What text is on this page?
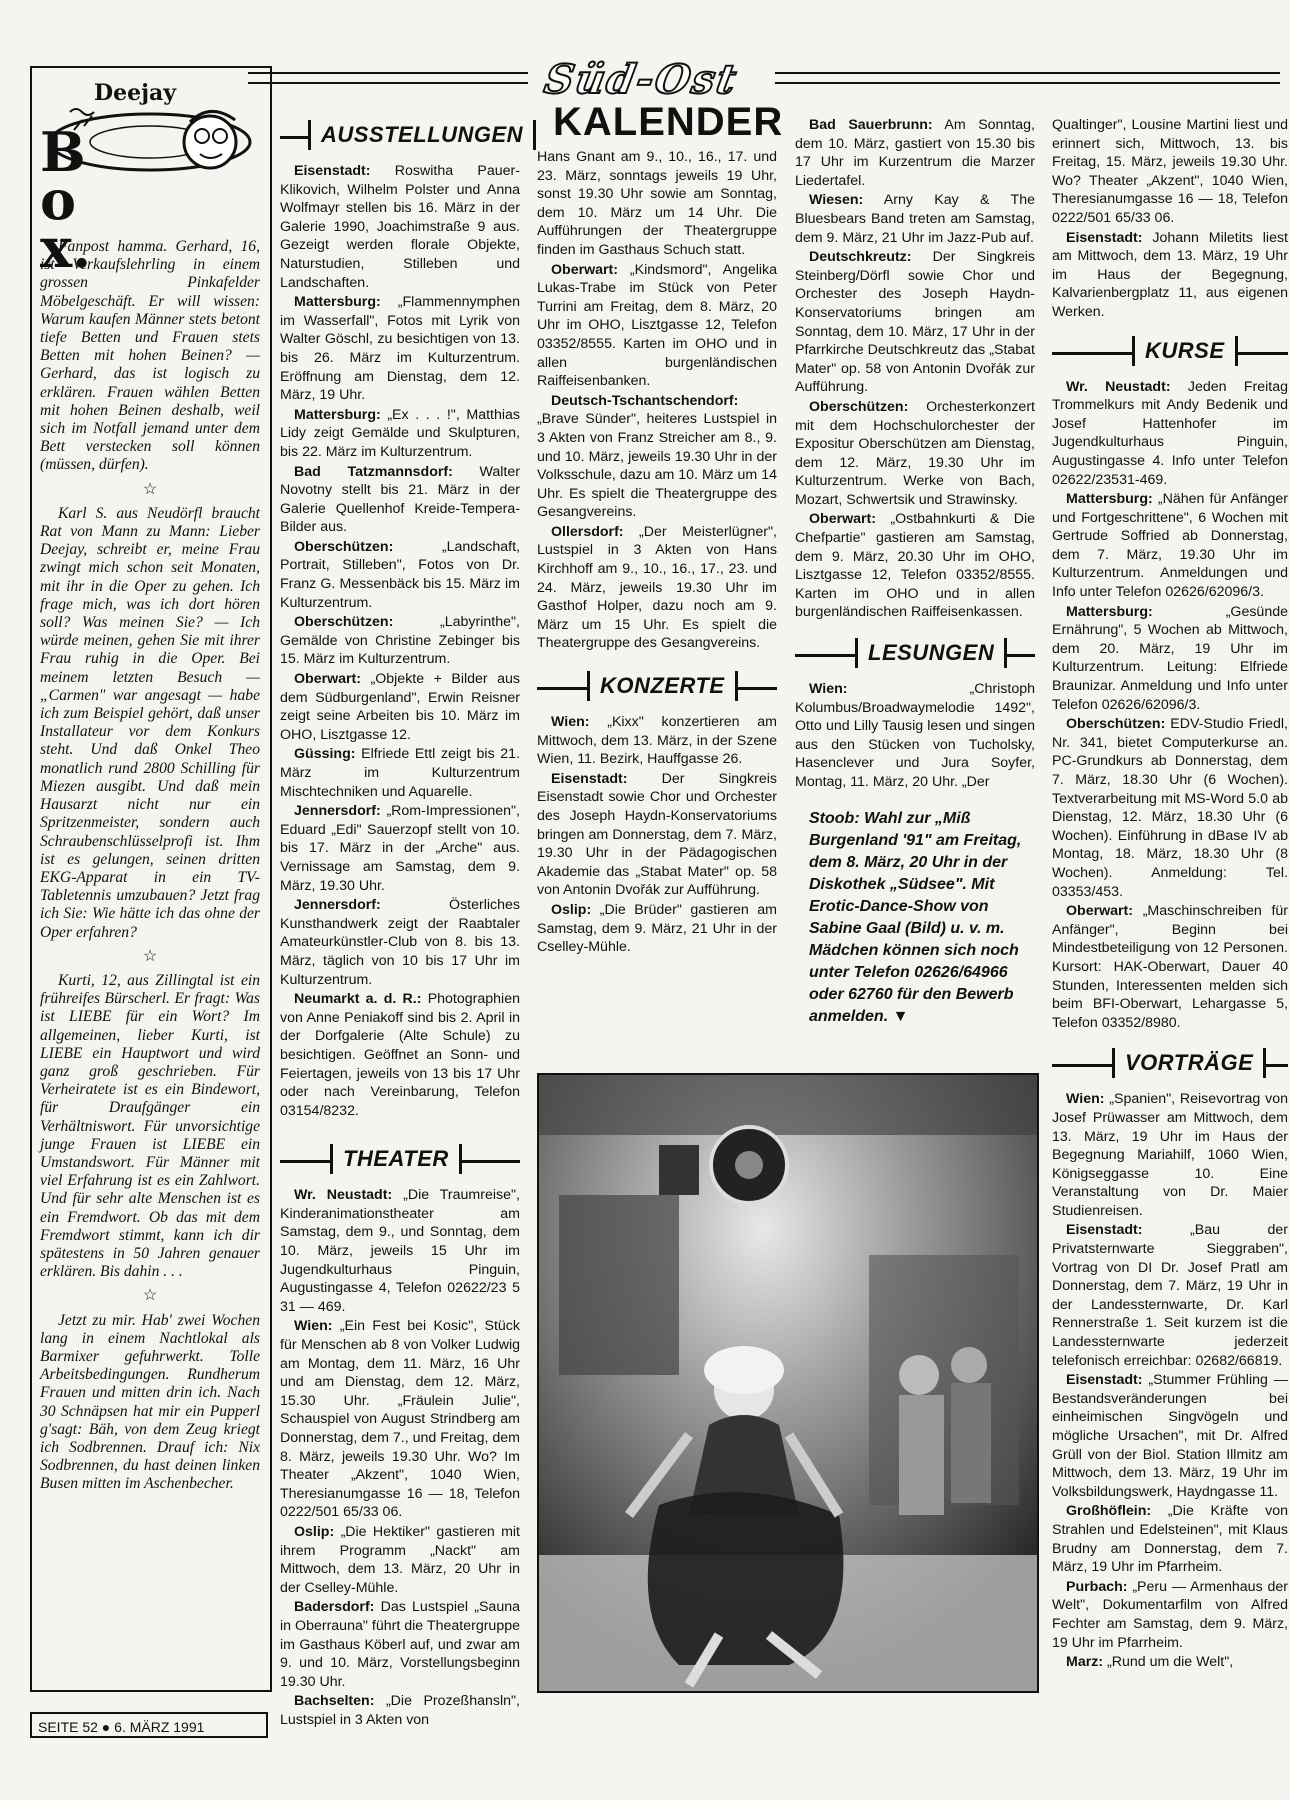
Süd-Ost
KALENDER
Deejay
Box.

Fanpost hamma. Gerhard, 16, ist Verkaufslehrling in einem grossen Pinkafelder Möbelgeschäft. Er will wissen: Warum kaufen Männer stets betont tiefe Betten und Frauen stets Betten mit hohen Beinen? — Gerhard, das ist logisch zu erklären. Frauen wählen Betten mit hohen Beinen deshalb, weil sich im Notfall jemand unter dem Bett verstecken soll können (müssen, dürfen).

☆

Karl S. aus Neudörfl braucht Rat von Mann zu Mann: Lieber Deejay, schreibt er, meine Frau zwingt mich schon seit Monaten, mit ihr in die Oper zu gehen. Ich frage mich, was ich dort hören soll? Was meinen Sie? — Ich würde meinen, gehen Sie mit ihrer Frau ruhig in die Oper. Bei meinem letzten Besuch — „Carmen" war angesagt — habe ich zum Beispiel gehört, daß unser Installateur vor dem Konkurs steht. Und daß Onkel Theo monatlich rund 2800 Schilling für Miezen ausgibt. Und daß mein Hausarzt nicht nur ein Spritzenmeister, sondern auch Schraubenschlüsselprofi ist. Ihm ist es gelungen, seinen dritten EKG-Apparat in ein TV-Tabletennis umzubauen? Jetzt frag ich Sie: Wie hätte ich das ohne der Oper erfahren?

☆

Kurti, 12, aus Zillingtal ist ein frühreifes Bürscherl. Er fragt: Was ist LIEBE für ein Wort? Im allgemeinen, lieber Kurti, ist LIEBE ein Hauptwort und wird ganz groß geschrieben. Für Verheiratete ist es ein Bindewort, für Draufgänger ein Verhältniswort. Für unvorsichtige junge Frauen ist LIEBE ein Umstandswort. Für Männer mit viel Erfahrung ist es ein Zahlwort. Und für sehr alte Menschen ist es ein Fremdwort. Ob das mit dem Fremdwort stimmt, kann ich dir spätestens in 50 Jahren genauer erklären. Bis dahin . . .

☆

Jetzt zu mir. Hab' zwei Wochen lang in einem Nachtlokal als Barmixer gefuhrwerkt. Tolle Arbeitsbedingungen. Rundherum Frauen und mitten drin ich. Nach 30 Schnäpsen hat mir ein Pupperl g'sagt: Bäh, von dem Zeug kriegt ich Sodbrennen. Drauf ich: Nix Sodbrennen, du hast deinen linken Busen mitten im Aschenbecher.

SEITE 52 ● 6. MÄRZ 1991
AUSSTELLUNGEN

Eisenstadt: Roswitha Pauer-Klikovich, Wilhelm Polster und Anna Wolfmayr stellen bis 16. März in der Galerie 1990, Joachimstraße 9 aus. Gezeigt werden florale Objekte, Naturstudien, Stilleben und Landschaften.

Mattersburg: „Flammennymphen im Wasserfall", Fotos mit Lyrik von Walter Göschl, zu besichtigen von 13. bis 26. März im Kulturzentrum. Eröffnung am Dienstag, dem 12. März, 19 Uhr.

Mattersburg: „Ex . . . !", Matthias Lidy zeigt Gemälde und Skulpturen, bis 22. März im Kulturzentrum.

Bad Tatzmannsdorf: Walter Novotny stellt bis 21. März in der Galerie Quellenhof Kreide-Tempera-Bilder aus.

Oberschützen: „Landschaft, Portrait, Stilleben", Fotos von Dr. Franz G. Messenbäck bis 15. März im Kulturzentrum.

Oberschützen: „Labyrinthe", Gemälde von Christine Zebinger bis 15. März im Kulturzentrum.

Oberwart: „Objekte + Bilder aus dem Südburgenland", Erwin Reisner zeigt seine Arbeiten bis 10. März im OHO, Lisztgasse 12.

Güssing: Elfriede Ettl zeigt bis 21. März im Kulturzentrum Mischtechniken und Aquarelle.

Jennersdorf: „Rom-Impressionen", Eduard „Edi" Sauerzopf stellt von 10. bis 17. März in der „Arche" aus. Vernissage am Samstag, dem 9. März, 19.30 Uhr.

Jennersdorf: Österliches Kunsthandwerk zeigt der Raabtaler Amateurkünstler-Club von 8. bis 13. März, täglich von 10 bis 17 Uhr im Kulturzentrum.

Neumarkt a. d. R.: Photographien von Anne Peniakoff sind bis 2. April in der Dorfgalerie (Alte Schule) zu besichtigen. Geöffnet an Sonn- und Feiertagen, jeweils von 13 bis 17 Uhr oder nach Vereinbarung, Telefon 03154/8232.

THEATER

Wr. Neustadt: „Die Traumreise", Kinderanimationstheater am Samstag, dem 9., und Sonntag, dem 10. März, jeweils 15 Uhr im Jugendkulturhaus Pinguin, Augustingasse 4, Telefon 02622/23 5 31 — 469.

Wien: „Ein Fest bei Kosic", Stück für Menschen ab 8 von Volker Ludwig am Montag, dem 11. März, 16 Uhr und am Dienstag, dem 12. März, 15.30 Uhr. „Fräulein Julie", Schauspiel von August Strindberg am Donnerstag, dem 7., und Freitag, dem 8. März, jeweils 19.30 Uhr. Wo? Im Theater „Akzent", 1040 Wien, Theresianumgasse 16 — 18, Telefon 0222/501 65/33 06.

Oslip: „Die Hektiker" gastieren mit ihrem Programm „Nackt" am Mittwoch, dem 13. März, 20 Uhr in der Cselley-Mühle.

Badersdorf: Das Lustspiel „Sauna in Oberrauna" führt die Theatergruppe im Gasthaus Köberl auf, und zwar am 9. und 10. März, Vorstellungsbeginn 19.30 Uhr.

Bachselten: „Die Prozeßhansln", Lustspiel in 3 Akten von

Hans Gnant am 9., 10., 16., 17. und 23. März, sonntags jeweils 19 Uhr, sonst 19.30 Uhr sowie am Sonntag, dem 10. März um 14 Uhr. Die Aufführungen der Theatergruppe finden im Gasthaus Schuch statt.

Oberwart: „Kindsmord", Angelika Lukas-Trabe im Stück von Peter Turrini am Freitag, dem 8. März, 20 Uhr im OHO, Lisztgasse 12, Telefon 03352/8555. Karten im OHO und in allen burgenländischen Raiffeisenbanken.

Deutsch-Tschantschendorf: „Brave Sünder", heiteres Lustspiel in 3 Akten von Franz Streicher am 8., 9. und 10. März, jeweils 19.30 Uhr in der Volksschule, dazu am 10. März um 14 Uhr. Es spielt die Theatergruppe des Gesangvereins.

Ollersdorf: „Der Meisterlügner", Lustspiel in 3 Akten von Hans Kirchhoff am 9., 10., 16., 17., 23. und 24. März, jeweils 19.30 Uhr im Gasthof Holper, dazu noch am 9. März um 15 Uhr. Es spielt die Theatergruppe des Gesangvereins.

KONZERTE

Wien: „Kixx" konzertieren am Mittwoch, dem 13. März, in der Szene Wien, 11. Bezirk, Hauffgasse 26.

Eisenstadt: Der Singkreis Eisenstadt sowie Chor und Orchester des Joseph Haydn-Konservatoriums bringen am Donnerstag, dem 7. März, 19.30 Uhr in der Pädagogischen Akademie das „Stabat Mater" op. 58 von Antonin Dvořák zur Aufführung.

Oslip: „Die Brüder" gastieren am Samstag, dem 9. März, 21 Uhr in der Cselley-Mühle.

Bad Sauerbrunn: Am Sonntag, dem 10. März, gastiert von 15.30 bis 17 Uhr im Kurzentrum die Marzer Liedertafel.

Wiesen: Arny Kay & The Bluesbears Band treten am Samstag, dem 9. März, 21 Uhr im Jazz-Pub auf.

Deutschkreutz: Der Singkreis Steinberg/Dörfl sowie Chor und Orchester des Joseph Haydn-Konservatoriums bringen am Sonntag, dem 10. März, 17 Uhr in der Pfarrkirche Deutschkreutz das „Stabat Mater" op. 58 von Antonin Dvořák zur Aufführung.

Oberschützen: Orchesterkonzert mit dem Hochschulorchester der Expositur Oberschützen am Dienstag, dem 12. März, 19.30 Uhr im Kulturzentrum. Werke von Bach, Mozart, Schwertsik und Strawinsky.

Oberwart: „Ostbahnkurti & Die Chefpartie" gastieren am Samstag, dem 9. März, 20.30 Uhr im OHO, Lisztgasse 12, Telefon 03352/8555. Karten im OHO und in allen burgenländischen Raiffeisenkassen.

LESUNGEN

Wien: „Christoph Kolumbus/Broadwaymelodie 1492", Otto und Lilly Tausig lesen und singen aus den Stücken von Tucholsky, Hasenclever und Jura Soyfer, Montag, 11. März, 20 Uhr. „Der

Stoob: Wahl zur „Miß Burgenland '91" am Freitag, dem 8. März, 20 Uhr in der Diskothek „Südsee". Mit Erotic-Dance-Show von Sabine Gaal (Bild) u. v. m. Mädchen können sich noch unter Telefon 02626/64966 oder 62760 für den Bewerb anmelden. ▼

Qualtinger", Lousine Martini liest und erinnert sich, Mittwoch, 13. bis Freitag, 15. März, jeweils 19.30 Uhr. Wo? Theater „Akzent", 1040 Wien, Theresianumgasse 16 — 18, Telefon 0222/501 65/33 06.

Eisenstadt: Johann Miletits liest am Mittwoch, dem 13. März, 19 Uhr im Haus der Begegnung, Kalvarienbergplatz 11, aus eigenen Werken.

KURSE

Wr. Neustadt: Jeden Freitag Trommelkurs mit Andy Bedenik und Josef Hattenhofer im Jugendkulturhaus Pinguin, Augustingasse 4. Info unter Telefon 02622/23531-469.

Mattersburg: „Nähen für Anfänger und Fortgeschrittene", 6 Wochen mit Gertrude Soffried ab Donnerstag, dem 7. März, 19.30 Uhr im Kulturzentrum. Anmeldungen und Info unter Telefon 02626/62096/3.

Mattersburg: „Gesünde Ernährung", 5 Wochen ab Mittwoch, dem 20. März, 19 Uhr im Kulturzentrum. Leitung: Elfriede Braunizar. Anmeldung und Info unter Telefon 02626/62096/3.

Oberschützen: EDV-Studio Friedl, Nr. 341, bietet Computerkurse an. PC-Grundkurs ab Donnerstag, dem 7. März, 18.30 Uhr (6 Wochen). Textverarbeitung mit MS-Word 5.0 ab Dienstag, 12. März, 18.30 Uhr (6 Wochen). Einführung in dBase IV ab Montag, 18. März, 18.30 Uhr (8 Wochen). Anmeldung: Tel. 03353/453.

Oberwart: „Maschinschreiben für Anfänger", Beginn bei Mindestbeteiligung von 12 Personen. Kursort: HAK-Oberwart, Dauer 40 Stunden, Interessenten melden sich beim BFI-Oberwart, Lehargasse 5, Telefon 03352/8980.

VORTRÄGE

Wien: „Spanien", Reisevortrag von Josef Prüwasser am Mittwoch, dem 13. März, 19 Uhr im Haus der Begegnung Mariahilf, 1060 Wien, Königseggasse 10. Eine Veranstaltung von Dr. Maier Studienreisen.

Eisenstadt: „Bau der Privatsternwarte Sieggraben", Vortrag von DI Dr. Josef Pratl am Donnerstag, dem 7. März, 19 Uhr in der Landessternwarte, Dr. Karl Rennerstraße 1. Seit kurzem ist die Landessternwarte jederzeit telefonisch erreichbar: 02682/66819.

Eisenstadt: „Stummer Frühling — Bestandsveränderungen bei einheimischen Singvögeln und mögliche Ursachen", mit Dr. Alfred Grüll von der Biol. Station Illmitz am Mittwoch, dem 13. März, 19 Uhr im Volksbildungswerk, Haydngasse 11.

Großhöflein: „Die Kräfte von Strahlen und Edelsteinen", mit Klaus Brudny am Donnerstag, dem 7. März, 19 Uhr im Pfarrheim.

Purbach: „Peru — Armenhaus der Welt", Dokumentarfilm von Alfred Fechter am Samstag, dem 9. März, 19 Uhr im Pfarrheim.

Marz: „Rund um die Welt",
